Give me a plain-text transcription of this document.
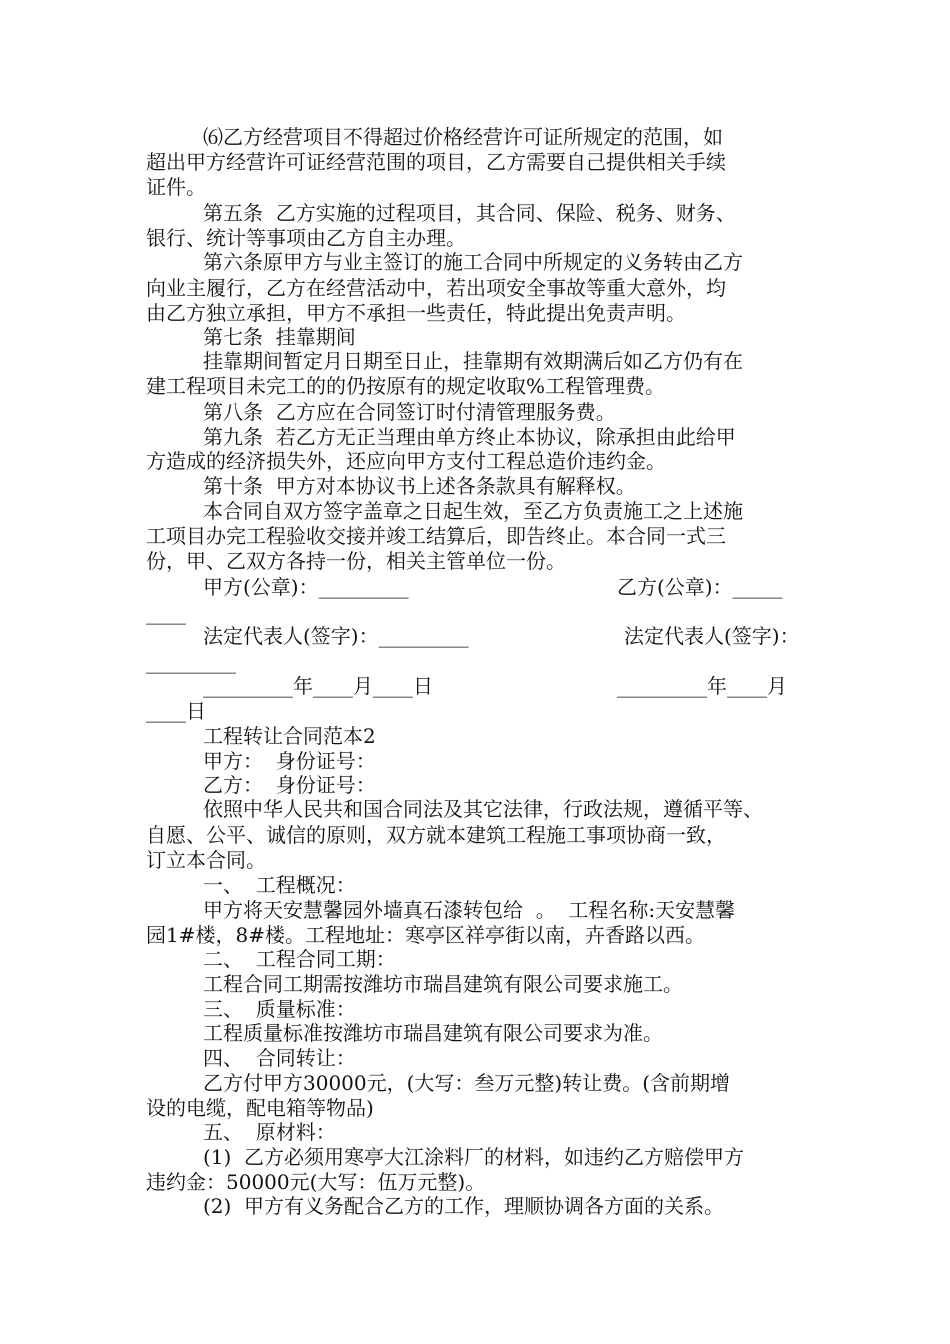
⑹乙方经营项目不得超过价格经营许可证所规定的范围，如
超出甲方经营许可证经营范围的项目，乙方需要自己提供相关手续
证件。
第五条  乙方实施的过程项目，其合同、保险、税务、财务、
银行、统计等事项由乙方自主办理。
第六条原甲方与业主签订的施工合同中所规定的义务转由乙方
向业主履行，乙方在经营活动中，若出项安全事故等重大意外，均
由乙方独立承担，甲方不承担一些责任，特此提出免责声明。
第七条  挂靠期间
挂靠期间暂定月日期至日止，挂靠期有效期满后如乙方仍有在
建工程项目未完工的的仍按原有的规定收取%工程管理费。
第八条  乙方应在合同签订时付清管理服务费。
第九条  若乙方无正当理由单方终止本协议，除承担由此给甲
方造成的经济损失外，还应向甲方支付工程总造价违约金。
第十条  甲方对本协议书上述各条款具有解释权。
本合同自双方签字盖章之日起生效，至乙方负责施工之上述施
工项目办完工程验收交接并竣工结算后，即告终止。本合同一式三
份，甲、乙双方各持一份，相关主管单位一份。
甲方(公章)：_________	乙方(公章)：_____
____
法定代表人(签字)：_________	法定代表人(签字)：
_________
_________年____月____日	_________年____月
____日
工程转让合同范本2
甲方：  身份证号：
乙方：  身份证号：
依照中华人民共和国合同法及其它法律，行政法规，遵循平等、
自愿、公平、诚信的原则，双方就本建筑工程施工事项协商一致，
订立本合同。
一、  工程概况：
甲方将天安慧馨园外墙真石漆转包给  。  工程名称:天安慧馨
园1#楼，8#楼。工程地址：寒亭区祥亭街以南，卉香路以西。
二、  工程合同工期：
工程合同工期需按潍坊市瑞昌建筑有限公司要求施工。
三、  质量标准：
工程质量标准按潍坊市瑞昌建筑有限公司要求为准。
四、  合同转让：
乙方付甲方30000元，(大写：叁万元整)转让费。(含前期增
设的电缆，配电箱等物品)
五、  原材料：
(1)  乙方必须用寒亭大江涂料厂的材料，如违约乙方赔偿甲方
违约金：50000元(大写：伍万元整)。
(2)  甲方有义务配合乙方的工作，理顺协调各方面的关系。
